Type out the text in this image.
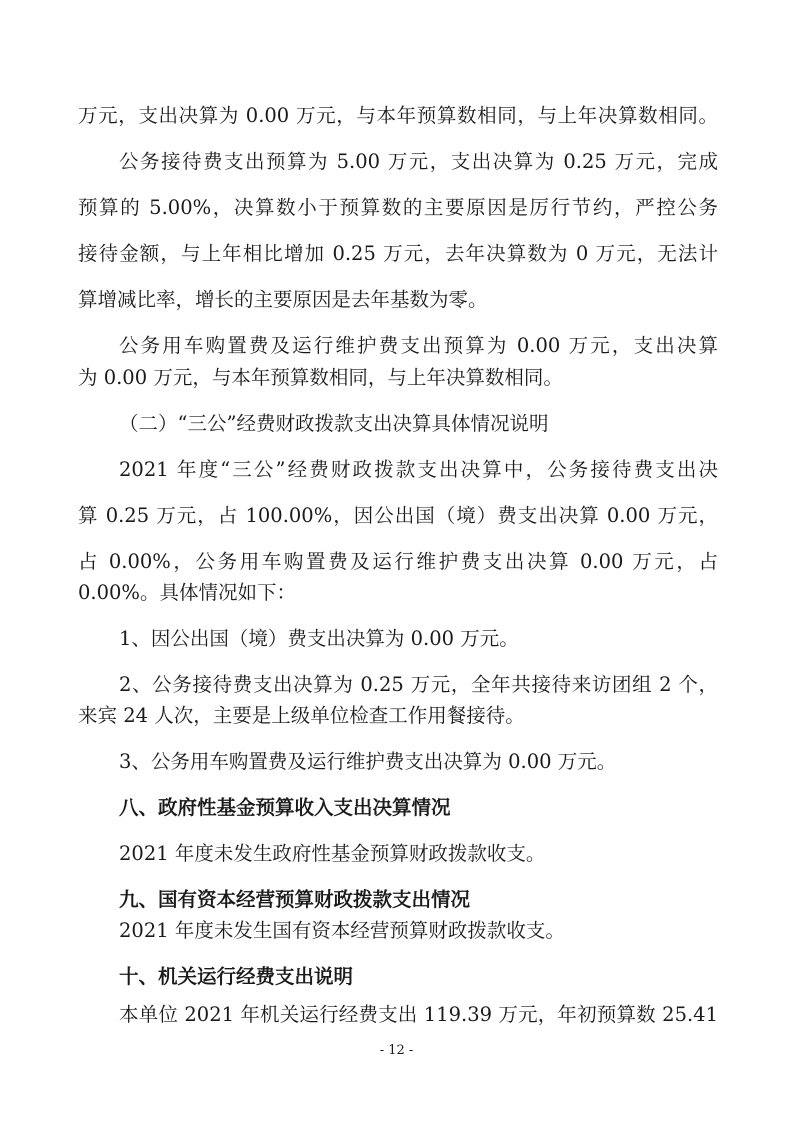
万元，支出决算为 0.00 万元，与本年预算数相同，与上年决算数相同。
公务接待费支出预算为 5.00 万元，支出决算为 0.25 万元，完成
预算的 5.00%，决算数小于预算数的主要原因是厉行节约，严控公务
接待金额，与上年相比增加 0.25 万元，去年决算数为 0 万元，无法计
算增减比率，增长的主要原因是去年基数为零。
公务用车购置费及运行维护费支出预算为 0.00 万元，支出决算
为 0.00 万元，与本年预算数相同，与上年决算数相同。
（二）“三公”经费财政拨款支出决算具体情况说明
2021 年度“三公”经费财政拨款支出决算中，公务接待费支出决
算 0.25 万元，占 100.00%，因公出国（境）费支出决算 0.00 万元，
占 0.00%，公务用车购置费及运行维护费支出决算 0.00 万元，占
0.00%。具体情况如下：
1、因公出国（境）费支出决算为 0.00 万元。
2、公务接待费支出决算为 0.25 万元，全年共接待来访团组 2 个，
来宾 24 人次，主要是上级单位检查工作用餐接待。
3、公务用车购置费及运行维护费支出决算为 0.00 万元。
八、政府性基金预算收入支出决算情况
2021 年度未发生政府性基金预算财政拨款收支。
九、国有资本经营预算财政拨款支出情况
2021 年度未发生国有资本经营预算财政拨款收支。
十、机关运行经费支出说明
本单位 2021 年机关运行经费支出 119.39 万元，年初预算数 25.41
- 12 -
